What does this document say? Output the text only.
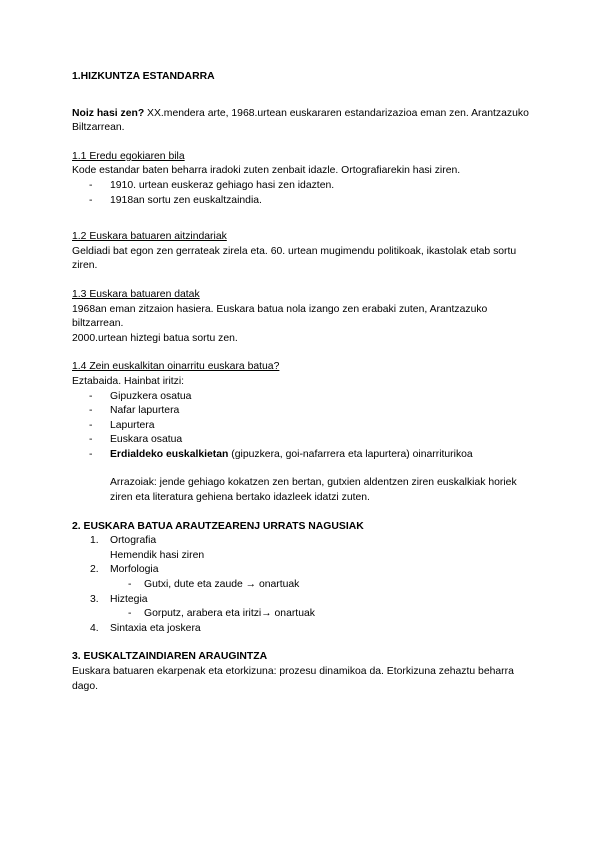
1.HIZKUNTZA ESTANDARRA

Noiz hasi zen? XX.mendera arte, 1968.urtean euskararen estandarizazioa eman zen. Arantzazuko Biltzarrean.

1.1 Eredu egokiaren bila

Kode estandar baten beharra iradoki zuten zenbait idazle. Ortografiarekin hasi ziren.

- 1910. urtean euskeraz gehiago hasi zen idazten.
- 1918an sortu zen euskaltzaindia.

1.2 Euskara batuaren aitzindariak

Geldiadi bat egon zen gerrateak zirela eta. 60. urtean mugimendu politikoak, ikastolak etab sortu ziren.

1.3 Euskara batuaren datak

1968an eman zitzaion hasiera. Euskara batua nola izango zen erabaki zuten, Arantzazuko biltzarrean.

2000.urtean hiztegi batua sortu zen.

1.4 Zein euskalkitan oinarritu euskara batua?

Eztabaida. Hainbat iritzi:

- Gipuzkera osatua
- Nafar lapurtera
- Lapurtera
- Euskara osatua
- Erdialdeko euskalkietan (gipuzkera, goi-nafarrera eta lapurtera) oinarriturikoa

Arrazoiak: jende gehiago kokatzen zen bertan, gutxien aldentzen ziren euskalkiak horiek ziren eta literatura gehiena bertako idazleek idatzi zuten.

2. EUSKARA BATUA ARAUTZEARENJ URRATS NAGUSIAK

1. Ortografia
Hemendik hasi ziren
2. Morfologia
- Gutxi, dute eta zaude → onartuak
3. Hiztegia
- Gorputz, arabera eta iritzi→ onartuak
4. Sintaxia eta joskera

3. EUSKALTZAINDIAREN ARAUGINTZA

Euskara batuaren ekarpenak eta etorkizuna: prozesu dinamikoa da. Etorkizuna zehaztu beharra dago.
